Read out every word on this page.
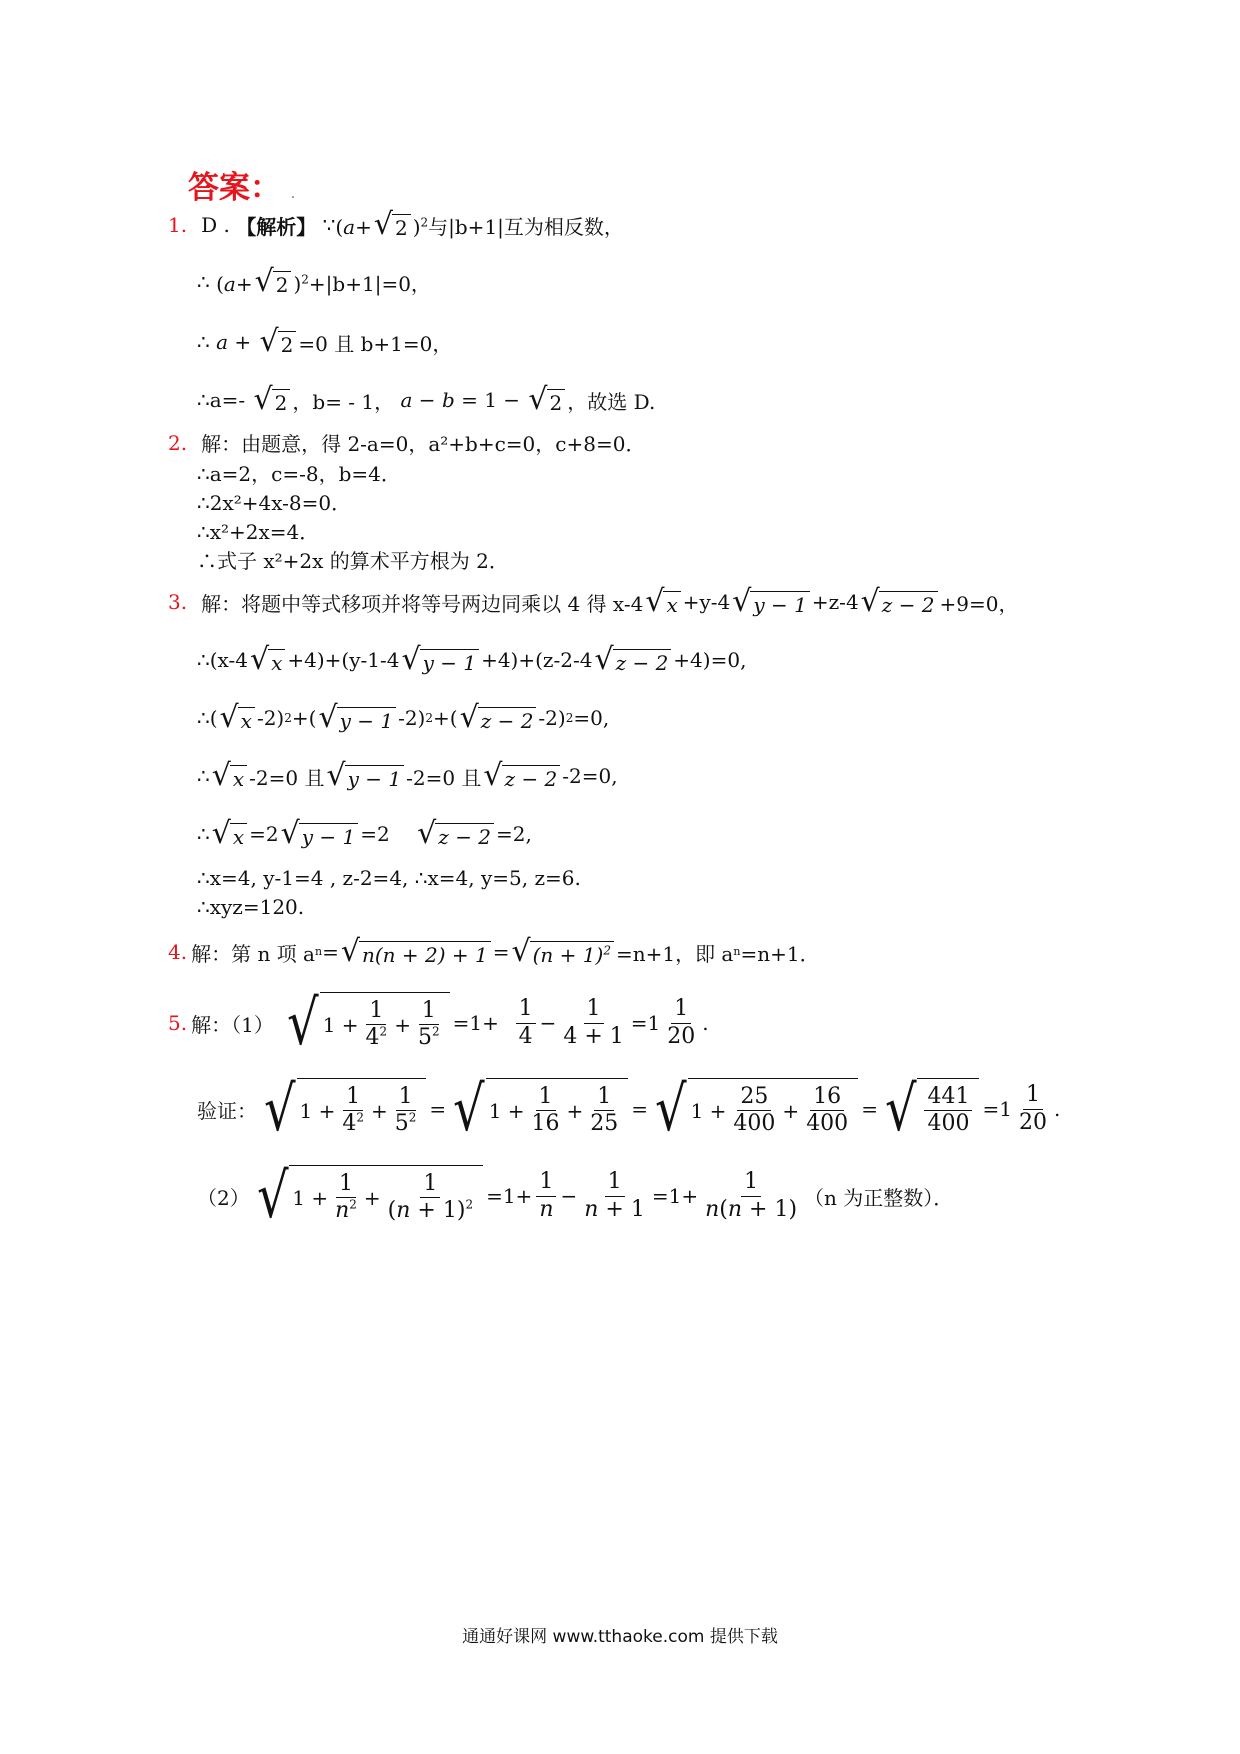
答案： .
1. D . 【解析】
∵ (a+ √ 2 )$^2$ 与|b+1|互为相反数，
∴
(a+ √ 2 )$^2$ +|b+1|=0，
∴
a + √ 2 =0 且 b+1=0，
∴a=-
√ 2 ，b= - 1，
a − b = 1 − √ 2 ，故选 D.
2. 解：由题意，得 2-a=0，a²+b+c=0，c+8=0．
∴a=2，c=-8，b=4．
∴2x²+4x-8=0．
∴x²+2x=4．
∴式子 x²+2x 的算术平方根为 2．
3. 解：将题中等式移项并将等号两边同乘以 4 得 x-4 √ x +y-4 √ y − 1 +z-4 √ z − 2 +9=0，
∴(x-4 √ x +4)+(y-1-4 √ y − 1 +4)+(z-2-4 √ z − 2 +4)=0,
∴( √ x -2) 2 +( √ y − 1 -2) 2 +( √ z − 2 -2) 2 =0,
∴ √ x -2=0 且 √ y − 1 -2=0 且 √ z − 2 -2=0,
∴ √ x =2 √ y − 1 =2 √ z − 2 =2,
∴x=4, y-1=4 , z-2=4, ∴x=4, y=5, z=6.
∴xyz=120.
4. 解：第 n 项 a n = √ n(n + 2) + 1 = √ $(n + 1)^2 =n+1$，即 a n =n+1．
5. 解：（1）
√ $1 + \frac{1}{4^2} + \frac{1}{5^2} =1+ \frac{1}{4} - \frac{1}{4 + 1} =1 \frac{1}{20}$ .
验证： √ $1 + \frac{1}{4^2} + \frac{1}{5^2}$ = √ $1 + \frac{1}{16} + \frac{1}{25}$ = √ $1 + \frac{25}{400} + \frac{16}{400}$ = √ $\frac{441}{400} =1 \frac{1}{20}$ .
（2） √ $1 + \frac{1}{n^2} + \frac{1}{(n + 1)^2} =1+ \frac{1}{n} - \frac{1}{n + 1} =1+ \frac{1}{n(n + 1)} (n$ 为正整数）．
通通好课网 www.tthaoke.com 提供下载
